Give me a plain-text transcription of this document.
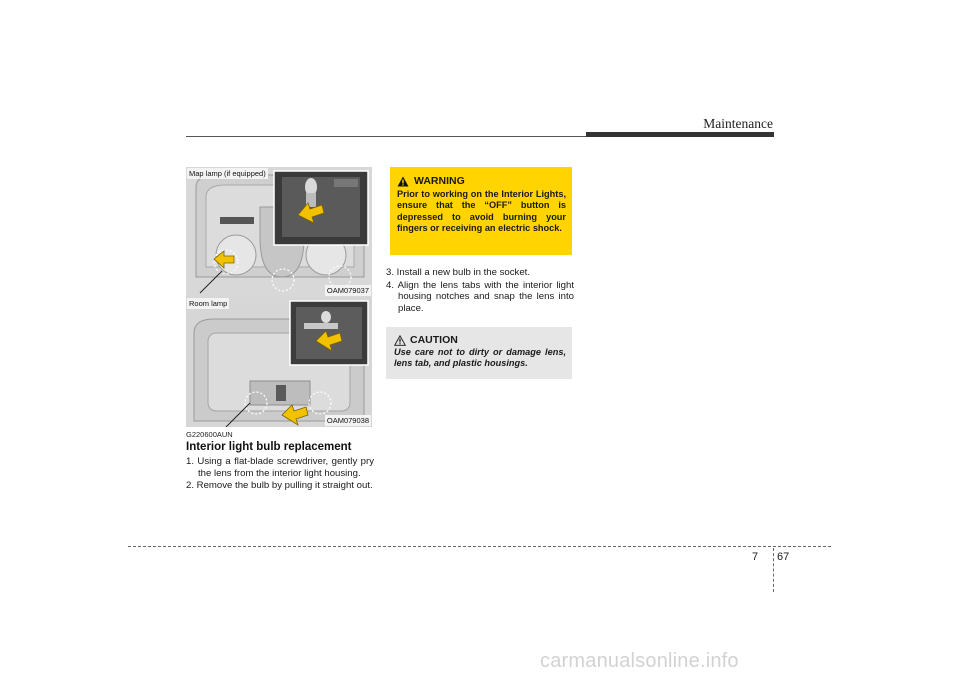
Maintenance
Map lamp (if equipped)
OAM079037
Room lamp
OAM079038
G220600AUN
Interior light bulb replacement

1. Using a flat-blade screwdriver, gently pry the lens from the interior light housing.

2. Remove the bulb by pulling it straight out.

WARNING
Prior to working on the Interior Lights, ensure that the “OFF” button is depressed to avoid burning your fingers or receiving an electric shock.

3. Install a new bulb in the socket.

4. Align the lens tabs with the interior light housing notches and snap the lens into place.

CAUTION
Use care not to dirty or damage lens, lens tab, and plastic housings.
7 67
carmanualsonline.info
